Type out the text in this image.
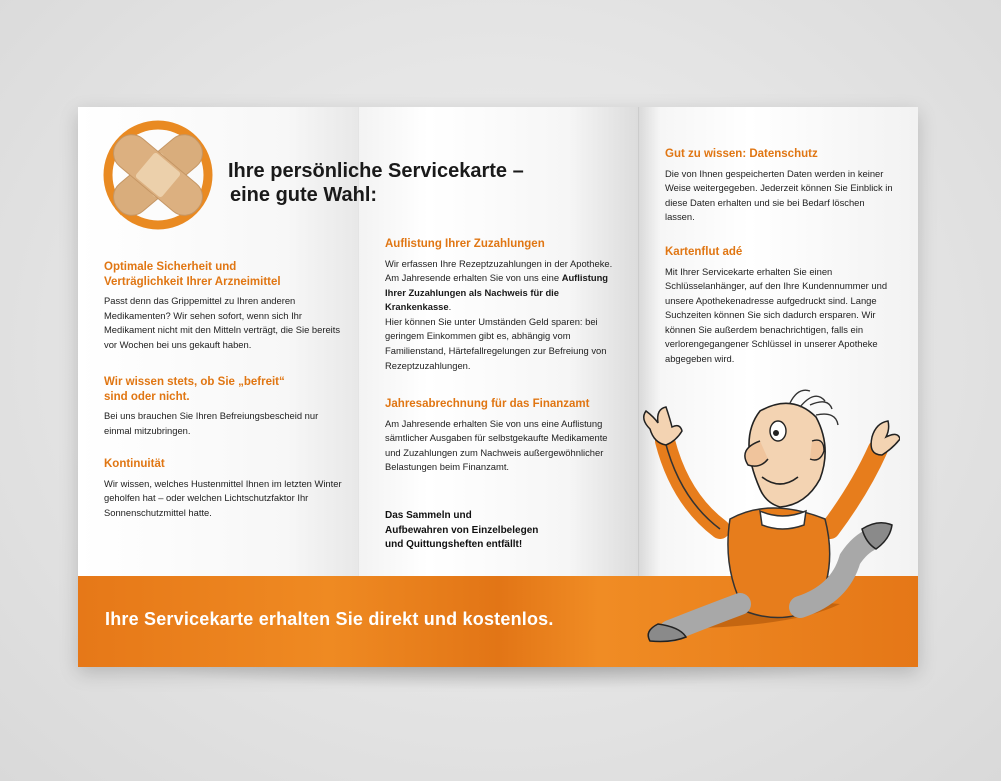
Ihre persönliche Servicekarte –
eine gute Wahl:
Optimale Sicherheit und
Verträglichkeit Ihrer Arzneimittel

Passt denn das Grippemittel zu Ihren anderen Medikamenten? Wir sehen sofort, wenn sich Ihr Medikament nicht mit den Mitteln verträgt, die Sie bereits vor Wochen bei uns gekauft haben.

Wir wissen stets, ob Sie „befreit“
sind oder nicht.

Bei uns brauchen Sie Ihren Befreiungsbescheid nur einmal mitzubringen.

Kontinuität

Wir wissen, welches Hustenmittel Ihnen im letzten Winter geholfen hat – oder welchen Lichtschutzfaktor Ihr Sonnenschutzmittel hatte.

Auflistung Ihrer Zuzahlungen

Wir erfassen Ihre Rezeptzuzahlungen in der Apotheke. Am Jahresende erhalten Sie von uns eine Auflistung Ihrer Zuzahlungen als Nachweis für die Krankenkasse.
Hier können Sie unter Umständen Geld sparen: bei geringem Einkommen gibt es, abhängig vom Familienstand, Härtefallregelungen zur Befreiung von Rezeptzuzahlungen.

Jahresabrechnung für das Finanzamt

Am Jahresende erhalten Sie von uns eine Auflistung sämtlicher Ausgaben für selbstgekaufte Medikamente und Zuzahlungen zum Nachweis außergewöhnlicher Belastungen beim Finanzamt.

Das Sammeln und
Aufbewahren von Einzelbelegen
und Quittungsheften entfällt!
Gut zu wissen: Datenschutz

Die von Ihnen gespeicherten Daten werden in keiner Weise weitergegeben. Jederzeit können Sie Einblick in diese Daten erhalten und sie bei Bedarf löschen lassen.

Kartenflut adé

Mit Ihrer Servicekarte erhalten Sie einen Schlüsselanhänger, auf den Ihre Kundennummer und unsere Apothekenadresse aufgedruckt sind. Lange Suchzeiten können Sie sich dadurch ersparen. Wir können Sie außerdem benachrichtigen, falls ein verlorengegangener Schlüssel in unserer Apotheke abgegeben wird.

Ihre Servicekarte erhalten Sie direkt und kostenlos.
